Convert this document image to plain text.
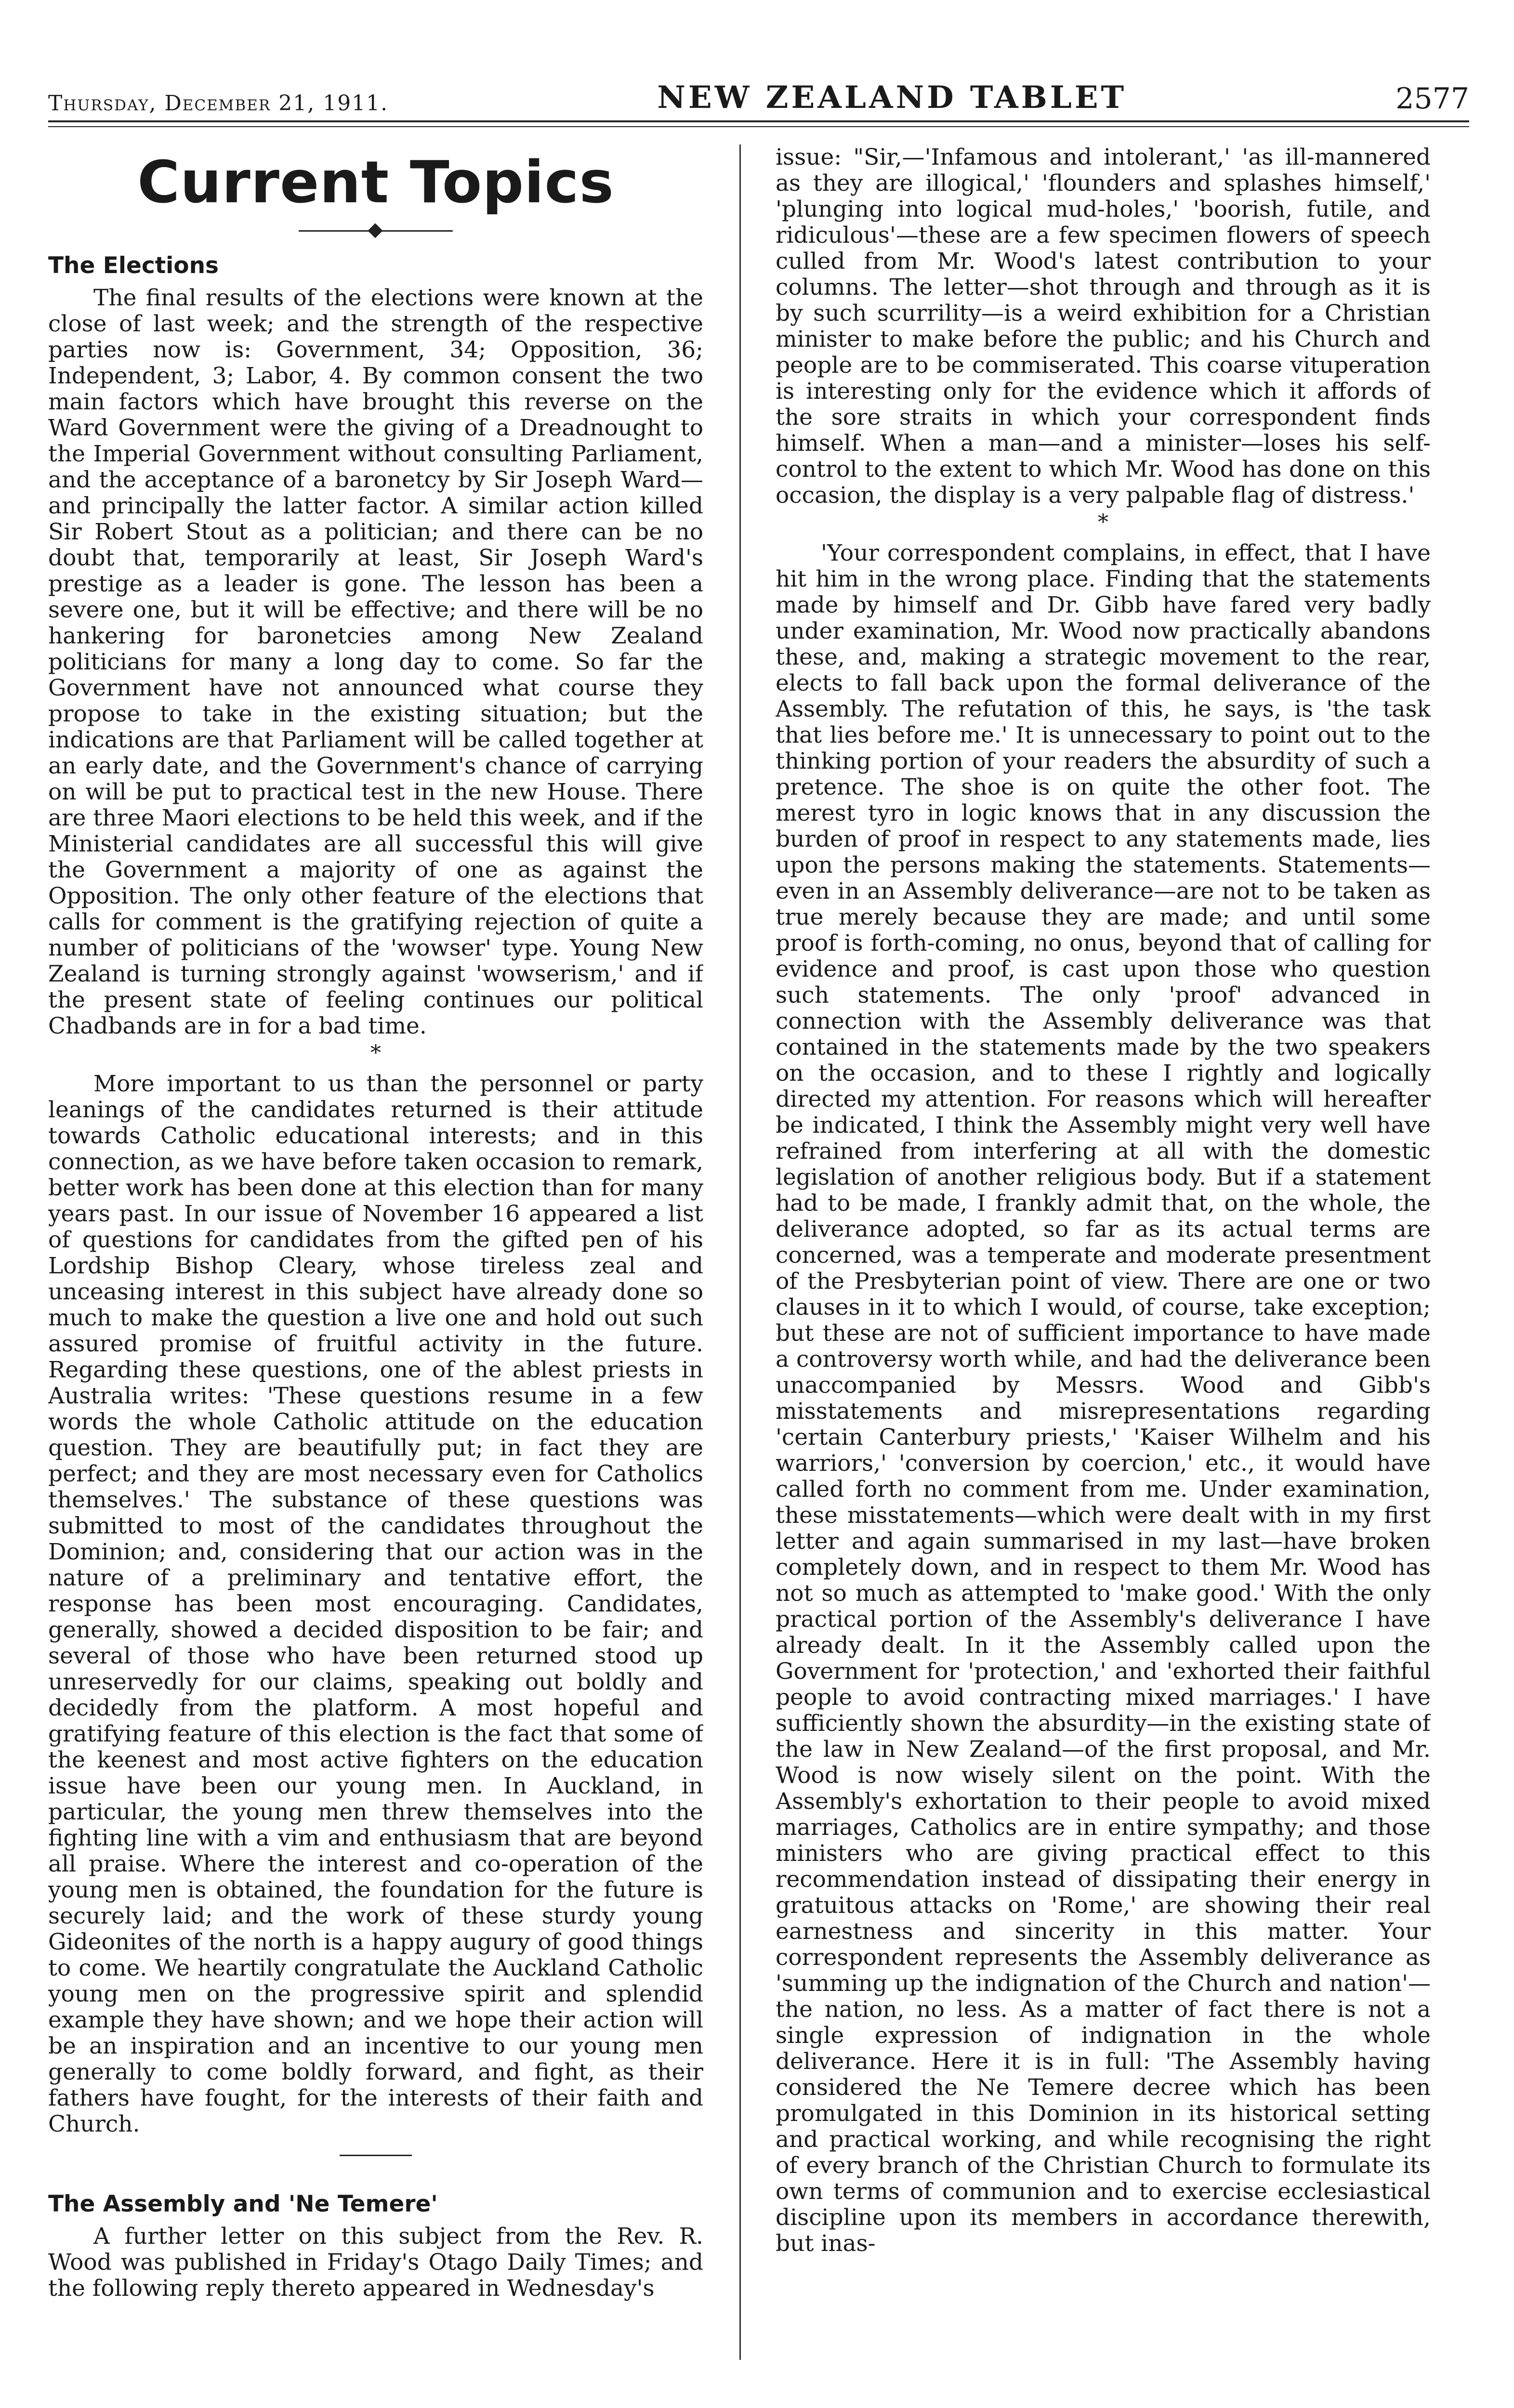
Thursday, December 21, 1911.	NEW ZEALAND TABLET	2577
Current Topics
The Elections

The final results of the elections were known at the close of last week; and the strength of the respective parties now is: Government, 34; Opposition, 36; Independent, 3; Labor, 4. By common consent the two main factors which have brought this reverse on the Ward Government were the giving of a Dreadnought to the Imperial Government without consulting Parliament, and the acceptance of a baronetcy by Sir Joseph Ward—and principally the latter factor. A similar action killed Sir Robert Stout as a politician; and there can be no doubt that, temporarily at least, Sir Joseph Ward's prestige as a leader is gone. The lesson has been a severe one, but it will be effective; and there will be no hankering for baronetcies among New Zealand politicians for many a long day to come. So far the Government have not announced what course they propose to take in the existing situation; but the indications are that Parliament will be called together at an early date, and the Government's chance of carrying on will be put to practical test in the new House. There are three Maori elections to be held this week, and if the Ministerial candidates are all successful this will give the Government a majority of one as against the Opposition. The only other feature of the elections that calls for comment is the gratifying rejection of quite a number of politicians of the 'wowser' type. Young New Zealand is turning strongly against 'wowserism,' and if the present state of feeling continues our political Chadbands are in for a bad time.

*

More important to us than the personnel or party leanings of the candidates returned is their attitude towards Catholic educational interests; and in this connection, as we have before taken occasion to remark, better work has been done at this election than for many years past. In our issue of November 16 appeared a list of questions for candidates from the gifted pen of his Lordship Bishop Cleary, whose tireless zeal and unceasing interest in this subject have already done so much to make the question a live one and hold out such assured promise of fruitful activity in the future. Regarding these questions, one of the ablest priests in Australia writes: 'These questions resume in a few words the whole Catholic attitude on the education question. They are beautifully put; in fact they are perfect; and they are most necessary even for Catholics themselves.' The substance of these questions was submitted to most of the candidates throughout the Dominion; and, considering that our action was in the nature of a preliminary and tentative effort, the response has been most encouraging. Candidates, generally, showed a decided disposition to be fair; and several of those who have been returned stood up unreservedly for our claims, speaking out boldly and decidedly from the platform. A most hopeful and gratifying feature of this election is the fact that some of the keenest and most active fighters on the education issue have been our young men. In Auckland, in particular, the young men threw themselves into the fighting line with a vim and enthusiasm that are beyond all praise. Where the interest and co-operation of the young men is obtained, the foundation for the future is securely laid; and the work of these sturdy young Gideonites of the north is a happy augury of good things to come. We heartily congratulate the Auckland Catholic young men on the progressive spirit and splendid example they have shown; and we hope their action will be an inspiration and an incentive to our young men generally to come boldly forward, and fight, as their fathers have fought, for the interests of their faith and Church.

The Assembly and 'Ne Temere'

A further letter on this subject from the Rev. R. Wood was published in Friday's Otago Daily Times; and the following reply thereto appeared in Wednesday's

issue: "Sir,—'Infamous and intolerant,' 'as ill-mannered as they are illogical,' 'flounders and splashes himself,' 'plunging into logical mud-holes,' 'boorish, futile, and ridiculous'—these are a few specimen flowers of speech culled from Mr. Wood's latest contribution to your columns. The letter—shot through and through as it is by such scurrility—is a weird exhibition for a Christian minister to make before the public; and his Church and people are to be commiserated. This coarse vituperation is interesting only for the evidence which it affords of the sore straits in which your correspondent finds himself. When a man—and a minister—loses his self-control to the extent to which Mr. Wood has done on this occasion, the display is a very palpable flag of distress.'

*

'Your correspondent complains, in effect, that I have hit him in the wrong place. Finding that the statements made by himself and Dr. Gibb have fared very badly under examination, Mr. Wood now practically abandons these, and, making a strategic movement to the rear, elects to fall back upon the formal deliverance of the Assembly. The refutation of this, he says, is 'the task that lies before me.' It is unnecessary to point out to the thinking portion of your readers the absurdity of such a pretence. The shoe is on quite the other foot. The merest tyro in logic knows that in any discussion the burden of proof in respect to any statements made, lies upon the persons making the statements. Statements—even in an Assembly deliverance—are not to be taken as true merely because they are made; and until some proof is forth-coming, no onus, beyond that of calling for evidence and proof, is cast upon those who question such statements. The only 'proof' advanced in connection with the Assembly deliverance was that contained in the statements made by the two speakers on the occasion, and to these I rightly and logically directed my attention. For reasons which will hereafter be indicated, I think the Assembly might very well have refrained from interfering at all with the domestic legislation of another religious body. But if a statement had to be made, I frankly admit that, on the whole, the deliverance adopted, so far as its actual terms are concerned, was a temperate and moderate presentment of the Presbyterian point of view. There are one or two clauses in it to which I would, of course, take exception; but these are not of sufficient importance to have made a controversy worth while, and had the deliverance been unaccompanied by Messrs. Wood and Gibb's misstatements and misrepresentations regarding 'certain Canterbury priests,' 'Kaiser Wilhelm and his warriors,' 'conversion by coercion,' etc., it would have called forth no comment from me. Under examination, these misstatements—which were dealt with in my first letter and again summarised in my last—have broken completely down, and in respect to them Mr. Wood has not so much as attempted to 'make good.' With the only practical portion of the Assembly's deliverance I have already dealt. In it the Assembly called upon the Government for 'protection,' and 'exhorted their faithful people to avoid contracting mixed marriages.' I have sufficiently shown the absurdity—in the existing state of the law in New Zealand—of the first proposal, and Mr. Wood is now wisely silent on the point. With the Assembly's exhortation to their people to avoid mixed marriages, Catholics are in entire sympathy; and those ministers who are giving practical effect to this recommendation instead of dissipating their energy in gratuitous attacks on 'Rome,' are showing their real earnestness and sincerity in this matter. Your correspondent represents the Assembly deliverance as 'summing up the indignation of the Church and nation'—the nation, no less. As a matter of fact there is not a single expression of indignation in the whole deliverance. Here it is in full: 'The Assembly having considered the Ne Temere decree which has been promulgated in this Dominion in its historical setting and practical working, and while recognising the right of every branch of the Christian Church to formulate its own terms of communion and to exercise ecclesiastical discipline upon its members in accordance therewith, but inas-
